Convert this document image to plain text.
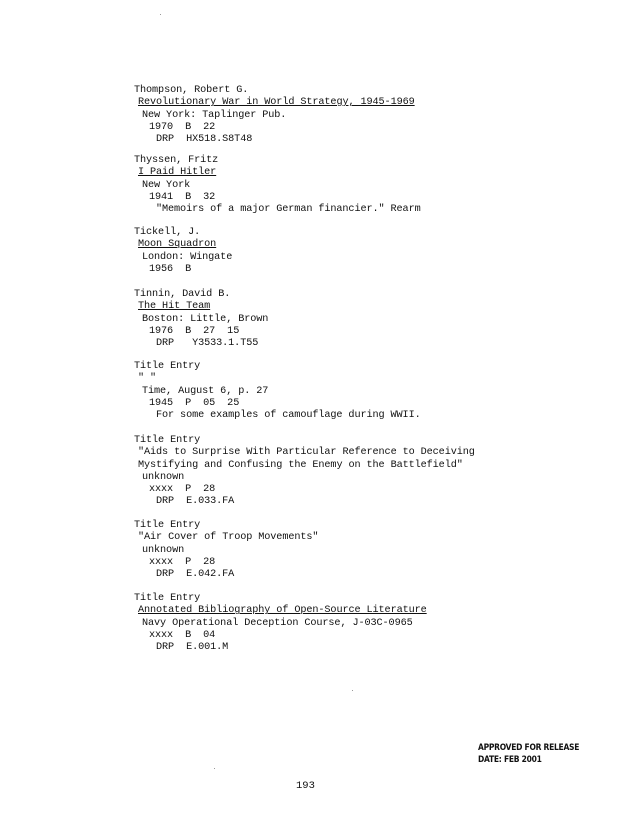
Thompson, Robert G.
Revolutionary War in World Strategy, 1945-1969
New York: Taplinger Pub.
1970  B  22
DRP  HX518.S8T48
Thyssen, Fritz
I Paid Hitler
New York
1941  B  32
"Memoirs of a major German financier." Rearm
Tickell, J.
Moon Squadron
London: Wingate
1956  B
Tinnin, David B.
The Hit Team
Boston: Little, Brown
1976  B  27  15
DRP   Y3533.1.T55
Title Entry
" "
Time, August 6, p. 27
1945  P  05  25
For some examples of camouflage during WWII.
Title Entry
"Aids to Surprise With Particular Reference to Deceiving
Mystifying and Confusing the Enemy on the Battlefield"
unknown
xxxx  P  28
DRP  E.033.FA
Title Entry
"Air Cover of Troop Movements"
unknown
xxxx  P  28
DRP  E.042.FA
Title Entry
Annotated Bibliography of Open-Source Literature
Navy Operational Deception Course, J-03C-0965
xxxx  B  04
DRP  E.001.M
APPROVED FOR RELEASE
DATE: FEB 2001
193
